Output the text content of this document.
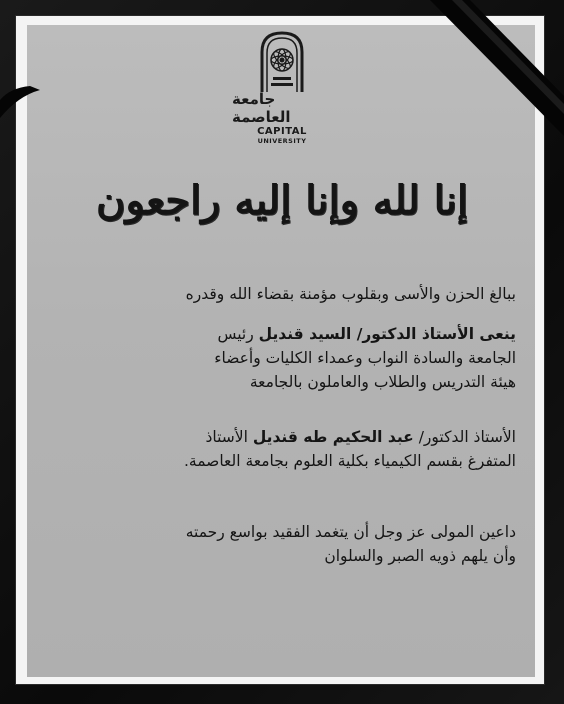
جامعة العاصمة
CAPITAL
UNIVERSITY
إنا لله وإنا إليه راجعون
ببالغ الحزن والأسى وبقلوب مؤمنة بقضاء الله وقدره
ينعى الأستاذ الدكتور/ السيد قنديل رئيس
الجامعة والسادة النواب وعمداء الكليات وأعضاء
هيئة التدريس والطلاب والعاملون بالجامعة
الأستاذ الدكتور/ عبد الحكيم طه قنديل الأستاذ
المتفرغ بقسم الكيمياء بكلية العلوم بجامعة العاصمة.
داعين المولى عز وجل أن يتغمد الفقيد بواسع رحمته
وأن يلهم ذويه الصبر والسلوان
